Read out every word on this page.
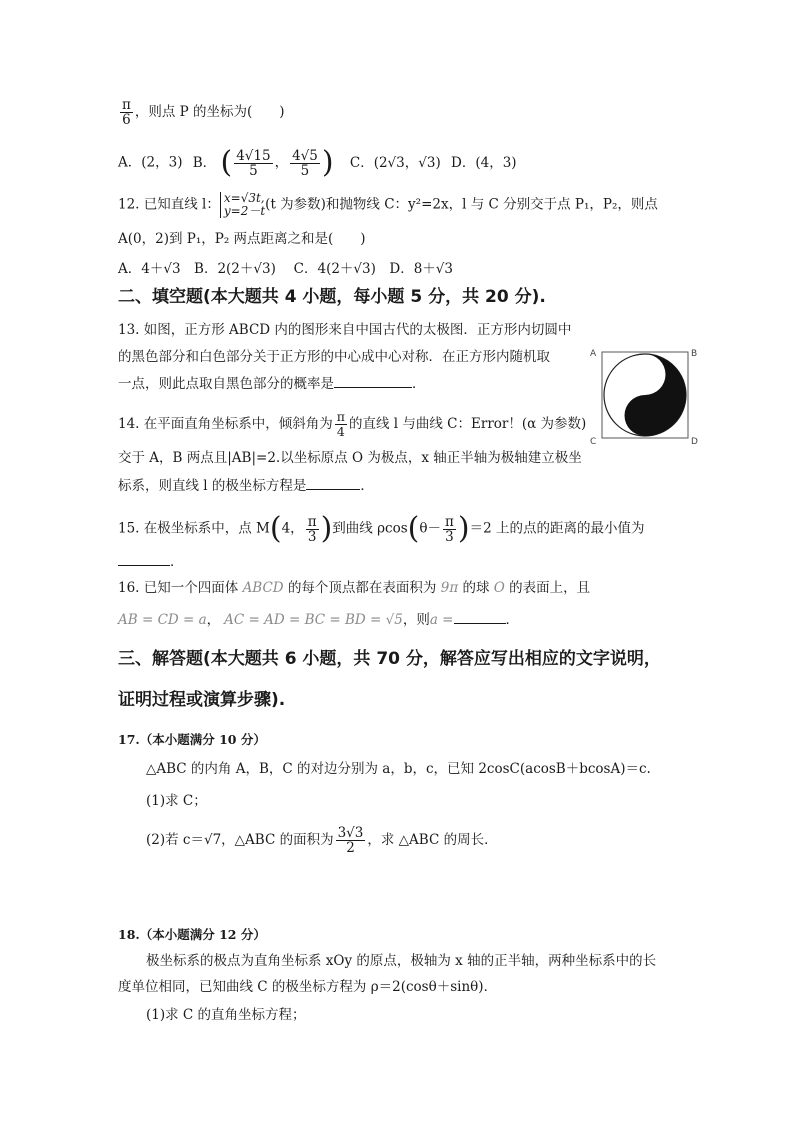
$\frac{\pi}{6}$ ，则点 P 的坐标为(　　)
A．(2，3) B． ( $\frac{4√15}{5}$ ， $\frac{4√5}{5}$ ) C．(2√3，√3) D．(4，3)
12. 已知直线 l： x=√3t,
y=2－t (t 为参数)和抛物线 C：y²=2x，l 与 C 分别交于点 P₁，P₂，则点
A(0，2)到 P₁，P₂ 两点距离之和是(　　)
A．4＋√3　B．2(2＋√3)　 C．4(2＋√3)　D．8＋√3
二、填空题(本大题共 4 小题，每小题 5 分，共 20 分).
13. 如图，正方形 ABCD 内的图形来自中国古代的太极图．正方形内切圆中
的黑色部分和白色部分关于正方形的中心成中心对称．在正方形内随机取
一点，则此点取自黑色部分的概率是	．
A	B
C	D
14. 在平面直角坐标系中，倾斜角为 $\frac{\pi}{4}$ 的直线 l 与曲线 C：Error！(α 为参数)
交于 A，B 两点且|AB|=2.以坐标原点 O 为极点，x 轴正半轴为极轴建立极坐
标系，则直线 l 的极坐标方程是	．
15. 在极坐标系中，点 M(4， $\frac{\pi}{3}$ )到曲线 $\rho\cos(\theta- \frac{\pi}{3} )=2$ 上的点的距离的最小值为
．
16. 已知一个四面体 ABCD 的每个顶点都在表面积为 9π 的球 O 的表面上，且
AB = CD = a， AC = AD = BC = BD = √5，则a =	．
三、解答题(本大题共 6 小题，共 70 分，解答应写出相应的文字说明，
证明过程或演算步骤).
17.（本小题满分 10 分）
△ABC 的内角 A，B，C 的对边分别为 a，b，c，已知 2cosC(acosB＋bcosA)＝c.
(1)求 C；
(2)若 c＝√7，△ABC 的面积为 $\frac{3√3}{2}$ ，求 △ABC 的周长．
18.（本小题满分 12 分）
极坐标系的极点为直角坐标系 xOy 的原点，极轴为 x 轴的正半轴，两种坐标系中的长
度单位相同，已知曲线 C 的极坐标方程为 ρ＝2(cosθ＋sinθ)．
(1)求 C 的直角坐标方程；
